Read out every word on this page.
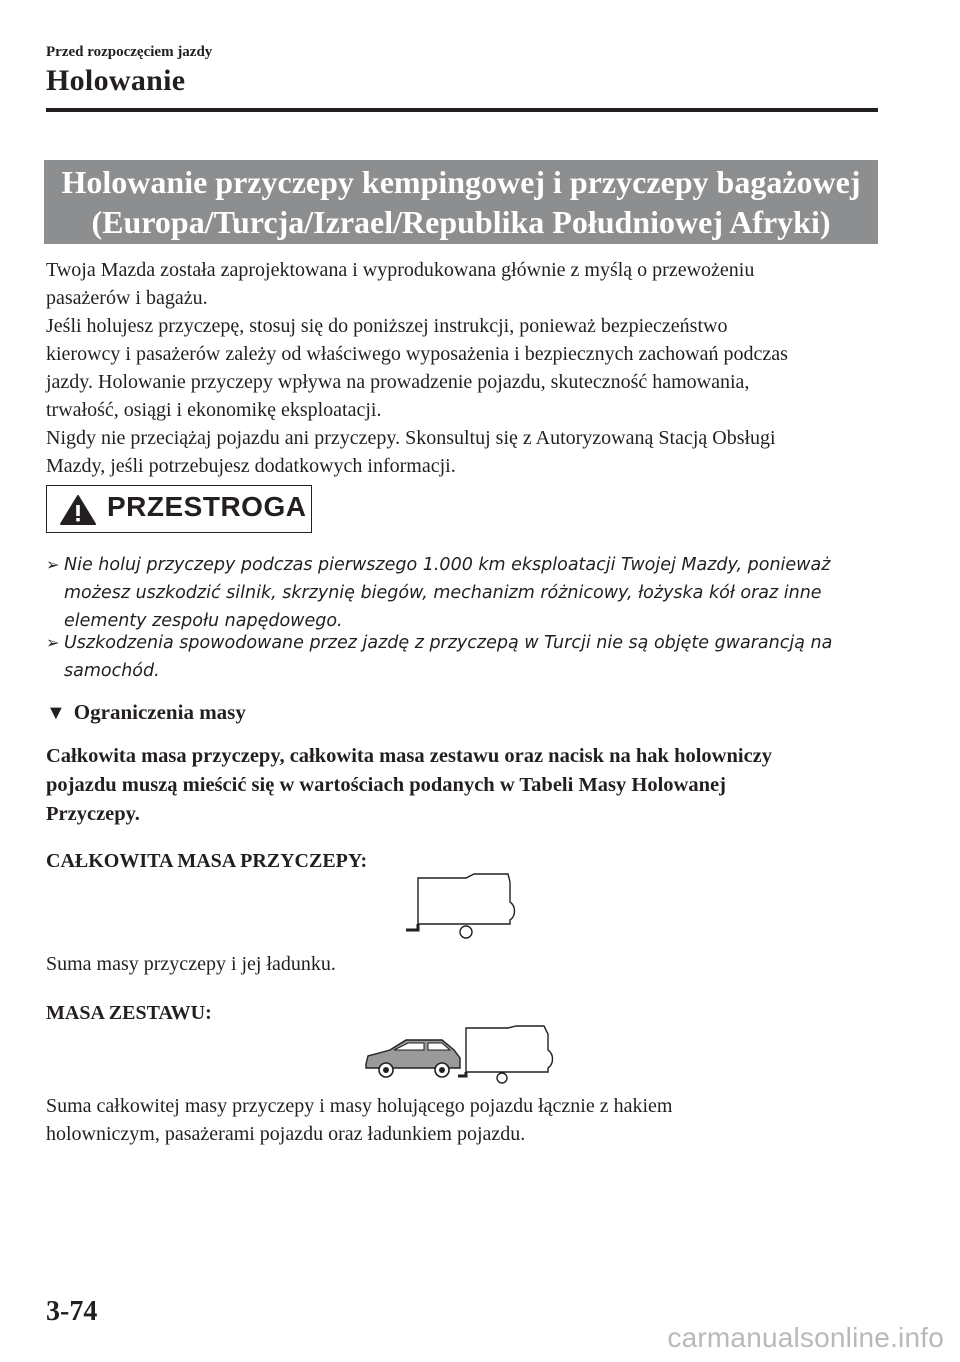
Przed rozpoczęciem jazdy
Holowanie
Holowanie przyczepy kempingowej i przyczepy bagażowej
(Europa/Turcja/Izrael/Republika Południowej Afryki)
Twoja Mazda została zaprojektowana i wyprodukowana głównie z myślą o przewożeniu
pasażerów i bagażu.
Jeśli holujesz przyczepę, stosuj się do poniższej instrukcji, ponieważ bezpieczeństwo
kierowcy i pasażerów zależy od właściwego wyposażenia i bezpiecznych zachowań podczas
jazdy. Holowanie przyczepy wpływa na prowadzenie pojazdu, skuteczność hamowania,
trwałość, osiągi i ekonomikę eksploatacji.
Nigdy nie przeciążaj pojazdu ani przyczepy. Skonsultuj się z Autoryzowaną Stacją Obsługi
Mazdy, jeśli potrzebujesz dodatkowych informacji.
PRZESTROGA
➢ Nie holuj przyczepy podczas pierwszego 1.000 km eksploatacji Twojej Mazdy, ponieważ
możesz uszkodzić silnik, skrzynię biegów, mechanizm różnicowy, łożyska kół oraz inne
elementy zespołu napędowego.
➢ Uszkodzenia spowodowane przez jazdę z przyczepą w Turcji nie są objęte gwarancją na
samochód.
▼ Ograniczenia masy
Całkowita masa przyczepy, całkowita masa zestawu oraz nacisk na hak holowniczy
pojazdu muszą mieścić się w wartościach podanych w Tabeli Masy Holowanej
Przyczepy.
CAŁKOWITA MASA PRZYCZEPY:
Suma masy przyczepy i jej ładunku.
MASA ZESTAWU:
Suma całkowitej masy przyczepy i masy holującego pojazdu łącznie z hakiem
holowniczym, pasażerami pojazdu oraz ładunkiem pojazdu.
3-74
carmanualsonline.info
